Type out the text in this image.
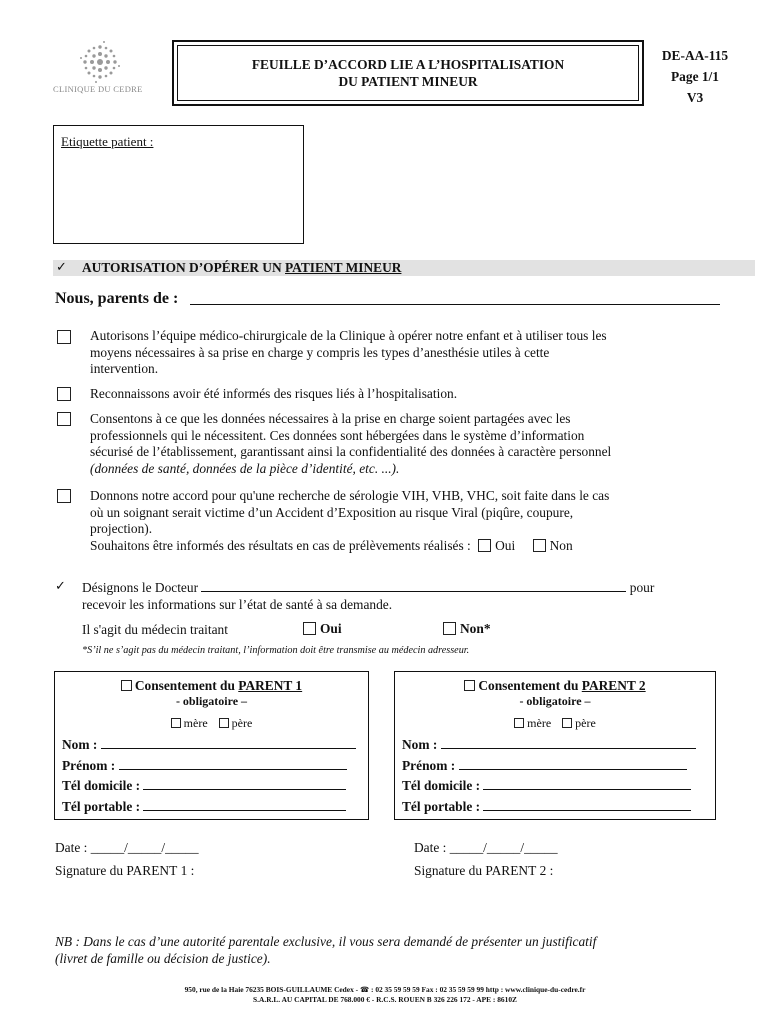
CLINIQUE DU CEDRE
FEUILLE D’ACCORD LIE A L’HOSPITALISATION
DU PATIENT MINEUR
DE-AA-115
Page 1/1
V3
Etiquette patient :
✓ AUTORISATION D’OPÉRER UN PATIENT MINEUR
Nous, parents de :
Autorisons l’équipe médico-chirurgicale de la Clinique à opérer notre enfant et à utiliser tous les
moyens nécessaires à sa prise en charge y compris les types d’anesthésie utiles à cette
intervention.
Reconnaissons avoir été informés des risques liés à l’hospitalisation.
Consentons à ce que les données nécessaires à la prise en charge soient partagées avec les
professionnels qui le nécessitent. Ces données sont hébergées dans le système d’information
sécurisé de l’établissement, garantissant ainsi la confidentialité des données à caractère personnel
(données de santé, données de la pièce d’identité, etc. ...).
Donnons notre accord pour qu'une recherche de sérologie VIH, VHB, VHC, soit faite dans le cas
où un soignant serait victime d’un Accident d’Exposition au risque Viral (piqûre, coupure,
projection).
Souhaitons être informés des résultats en cas de prélèvements réalisés : Oui	Non
✓ Désignons le Docteur	pour
recevoir les informations sur l’état de santé à sa demande.
Il s'agit du médecin traitant	Oui	Non*
*S’il ne s’agit pas du médecin traitant, l’information doit être transmise au médecin adresseur.
Consentement du PARENT 1
- obligatoire –
mère père
Nom :
Prénom :
Tél domicile :
Tél portable :
Consentement du PARENT 2
- obligatoire –
mère père
Nom :
Prénom :
Tél domicile :
Tél portable :
Date : _____/_____/_____
Signature du PARENT 1 :
Date : _____/_____/_____
Signature du PARENT 2 :
NB : Dans le cas d’une autorité parentale exclusive, il vous sera demandé de présenter un justificatif
(livret de famille ou décision de justice).
950, rue de la Haie 76235 BOIS-GUILLAUME Cedex - ☎ : 02 35 59 59 59 Fax : 02 35 59 59 99 http : www.clinique-du-cedre.fr
S.A.R.L. AU CAPITAL DE 768.000 € - R.C.S. ROUEN B 326 226 172 - APE : 8610Z
